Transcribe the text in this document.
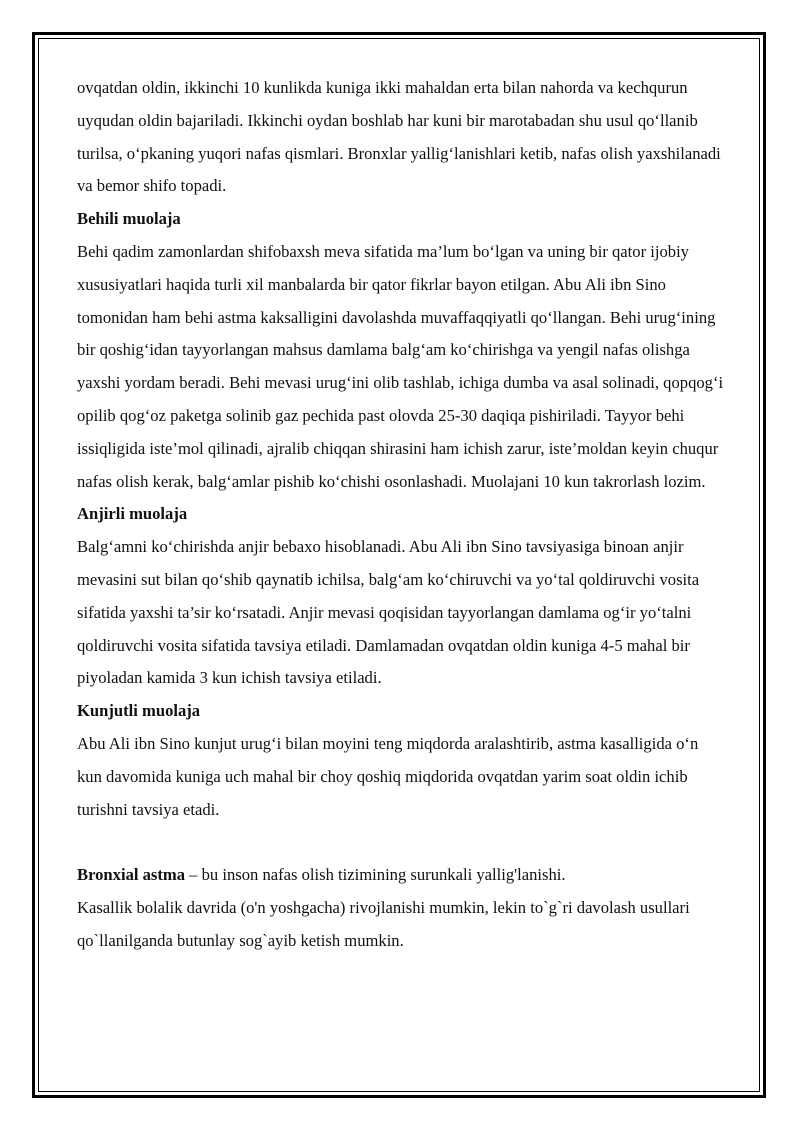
ovqatdan oldin, ikkinchi 10 kunlikda kuniga ikki mahaldan erta bilan nahorda va kechqurun uyqudan oldin bajariladi. Ikkinchi oydan boshlab har kuni bir marotabadan shu usul qo‘llanib turilsa, o‘pkaning yuqori nafas qismlari. Bronxlar yallig‘lanishlari ketib, nafas olish yaxshilanadi va bemor shifo topadi.

Behili muolaja

Behi qadim zamonlardan shifobaxsh meva sifatida ma’lum bo‘lgan va uning bir qator ijobiy xususiyatlari haqida turli xil manbalarda bir qator fikrlar bayon etilgan. Abu Ali ibn Sino tomonidan ham behi astma kaksalligini davolashda muvaffaqqiyatli qo‘llangan. Behi urug‘ining bir qoshig‘idan tayyorlangan mahsus damlama balg‘am ko‘chirishga va yengil nafas olishga yaxshi yordam beradi. Behi mevasi urug‘ini olib tashlab, ichiga dumba va asal solinadi, qopqog‘i opilib qog‘oz paketga solinib gaz pechida past olovda 25-30 daqiqa pishiriladi. Tayyor behi issiqligida iste’mol qilinadi, ajralib chiqqan shirasini ham ichish zarur, iste’moldan keyin chuqur nafas olish kerak, balg‘amlar pishib ko‘chishi osonlashadi. Muolajani 10 kun takrorlash lozim.

Anjirli muolaja

Balg‘amni ko‘chirishda anjir bebaxo hisoblanadi. Abu Ali ibn Sino tavsiyasiga binoan anjir mevasini sut bilan qo‘shib qaynatib ichilsa, balg‘am ko‘chiruvchi va yo‘tal qoldiruvchi vosita sifatida yaxshi ta’sir ko‘rsatadi. Anjir mevasi qoqisidan tayyorlangan damlama og‘ir yo‘talni qoldiruvchi vosita sifatida tavsiya etiladi. Damlamadan ovqatdan oldin kuniga 4-5 mahal bir piyoladan kamida 3 kun ichish tavsiya etiladi.

Kunjutli muolaja

Abu Ali ibn Sino kunjut urug‘i bilan moyini teng miqdorda aralashtirib, astma kasalligida o‘n kun davomida kuniga uch mahal bir choy qoshiq miqdorida ovqatdan yarim soat oldin ichib turishni tavsiya etadi.

Bronxial astma – bu inson nafas olish tizimining surunkali yallig'lanishi.

Kasallik bolalik davrida (o'n yoshgacha) rivojlanishi mumkin, lekin to`g`ri davolash usullari qo`llanilganda butunlay sog`ayib ketish mumkin.
